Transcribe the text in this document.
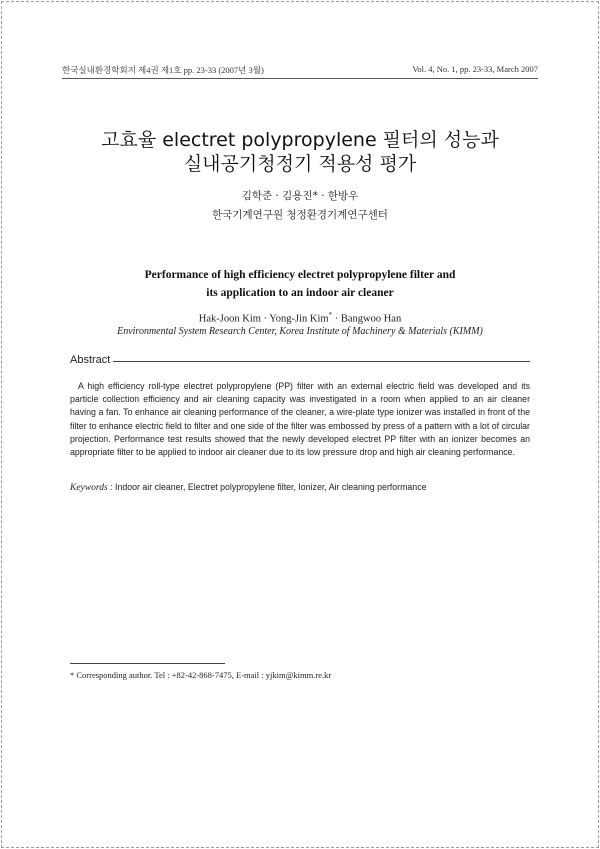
한국실내환경학회지 제4권 제1호 pp. 23-33 (2007년 3월)	Vol. 4, No. 1, pp. 23-33, March 2007
고효율 electret polypropylene 필터의 성능과
실내공기청정기 적용성 평가
김학준 · 김용진* · 한방우
한국기계연구원 청정환경기계연구센터
Performance of high efficiency electret polypropylene filter and
its application to an indoor air cleaner
Hak-Joon Kim · Yong-Jin Kim* · Bangwoo Han
Environmental System Research Center, Korea Institute of Machinery & Materials (KIMM)
Abstract

A high efficiency roll-type electret polypropylene (PP) filter with an external electric field was developed and its particle collection efficiency and air cleaning capacity was investigated in a room when applied to an air cleaner having a fan. To enhance air cleaning performance of the cleaner, a wire-plate type ionizer was installed in front of the filter to enhance electric field to filter and one side of the filter was embossed by press of a pattern with a lot of circular projection. Performance test results showed that the newly developed electret PP filter with an ionizer becomes an appropriate filter to be applied to indoor air cleaner due to its low pressure drop and high air cleaning performance.

Keywords : Indoor air cleaner, Electret polypropylene filter, Ionizer, Air cleaning performance
* Corresponding author. Tel : +82-42-868-7475, E-mail : yjkim@kimm.re.kr
